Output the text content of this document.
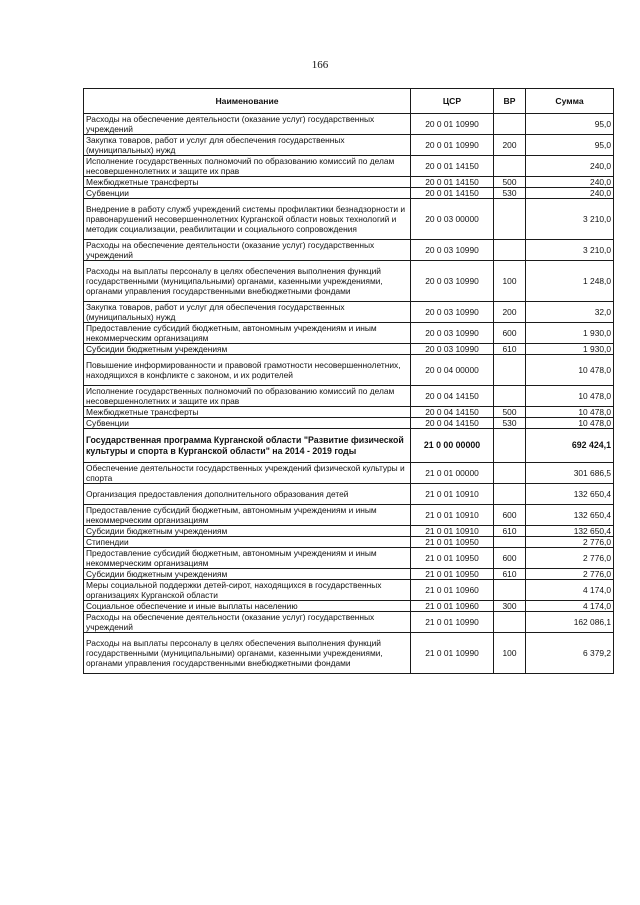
166
Наименование	ЦСР	ВР	Сумма
Расходы на обеспечение деятельности (оказание услуг) государственных учреждений	20 0 01 10990		95,0
Закупка товаров, работ и услуг для обеспечения государственных (муниципальных) нужд	20 0 01 10990	200	95,0
Исполнение государственных полномочий по образованию комиссий по делам несовершеннолетних и защите их прав	20 0 01 14150		240,0
Межбюджетные трансферты	20 0 01 14150	500	240,0
Субвенции	20 0 01 14150	530	240,0
Внедрение в работу служб учреждений системы профилактики безнадзорности и правонарушений несовершеннолетних Курганской области новых технологий и методик социализации, реабилитации и социального сопровождения	20 0 03 00000		3 210,0
Расходы на обеспечение деятельности (оказание услуг) государственных учреждений	20 0 03 10990		3 210,0
Расходы на выплаты персоналу в целях обеспечения выполнения функций государственными (муниципальными) органами, казенными учреждениями, органами управления государственными внебюджетными фондами	20 0 03 10990	100	1 248,0
Закупка товаров, работ и услуг для обеспечения государственных (муниципальных) нужд	20 0 03 10990	200	32,0
Предоставление субсидий бюджетным, автономным учреждениям и иным некоммерческим организациям	20 0 03 10990	600	1 930,0
Субсидии бюджетным учреждениям	20 0 03 10990	610	1 930,0
Повышение информированности и правовой грамотности несовершеннолетних, находящихся в конфликте с законом, и их родителей	20 0 04 00000		10 478,0
Исполнение государственных полномочий по образованию комиссий по делам несовершеннолетних и защите их прав	20 0 04 14150		10 478,0
Межбюджетные трансферты	20 0 04 14150	500	10 478,0
Субвенции	20 0 04 14150	530	10 478,0
Государственная программа Курганской области "Развитие физической культуры и спорта в Курганской области" на 2014 - 2019 годы	21 0 00 00000		692 424,1
Обеспечение деятельности государственных учреждений физической культуры и спорта	21 0 01 00000		301 686,5
Организация предоставления дополнительного образования детей	21 0 01 10910		132 650,4
Предоставление субсидий бюджетным, автономным учреждениям и иным некоммерческим организациям	21 0 01 10910	600	132 650,4
Субсидии бюджетным учреждениям	21 0 01 10910	610	132 650,4
Стипендии	21 0 01 10950		2 776,0
Предоставление субсидий бюджетным, автономным учреждениям и иным некоммерческим организациям	21 0 01 10950	600	2 776,0
Субсидии бюджетным учреждениям	21 0 01 10950	610	2 776,0
Меры социальной поддержки детей-сирот, находящихся в государственных организациях Курганской области	21 0 01 10960		4 174,0
Социальное обеспечение и иные выплаты населению	21 0 01 10960	300	4 174,0
Расходы на обеспечение деятельности (оказание услуг) государственных учреждений	21 0 01 10990		162 086,1
Расходы на выплаты персоналу в целях обеспечения выполнения функций государственными (муниципальными) органами, казенными учреждениями, органами управления государственными внебюджетными фондами	21 0 01 10990	100	6 379,2
